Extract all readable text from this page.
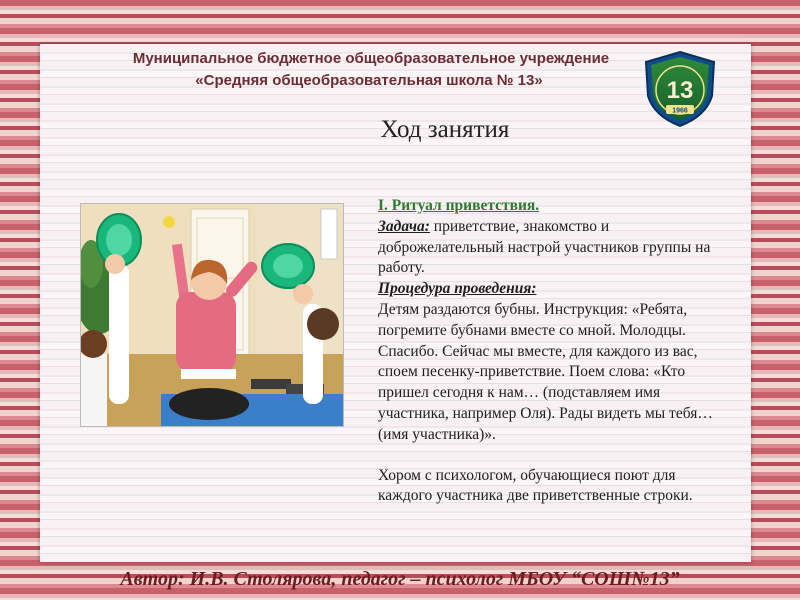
Муниципальное бюджетное общеобразовательное учреждение

«Средняя общеобразовательная школа № 13»	13
1966
Ход занятия

I. Ритуал приветствия.

Задача: приветствие, знакомство и доброжелательный настрой участников группы на работу.

Процедура проведения:

Детям раздаются бубны. Инструкция: «Ребята, погремите бубнами вместе со мной. Молодцы. Спасибо. Сейчас мы вместе, для каждого из вас, споем песенку-приветствие. Поем слова: «Кто пришел сегодня к нам… (подставляем имя участника, например Оля). Рады видеть мы тебя… (имя участника)».

Хором с психологом, обучающиеся поют для каждого участника две приветственные строки.

Автор: И.В. Столярова, педагог – психолог МБОУ “СОШ№13”
